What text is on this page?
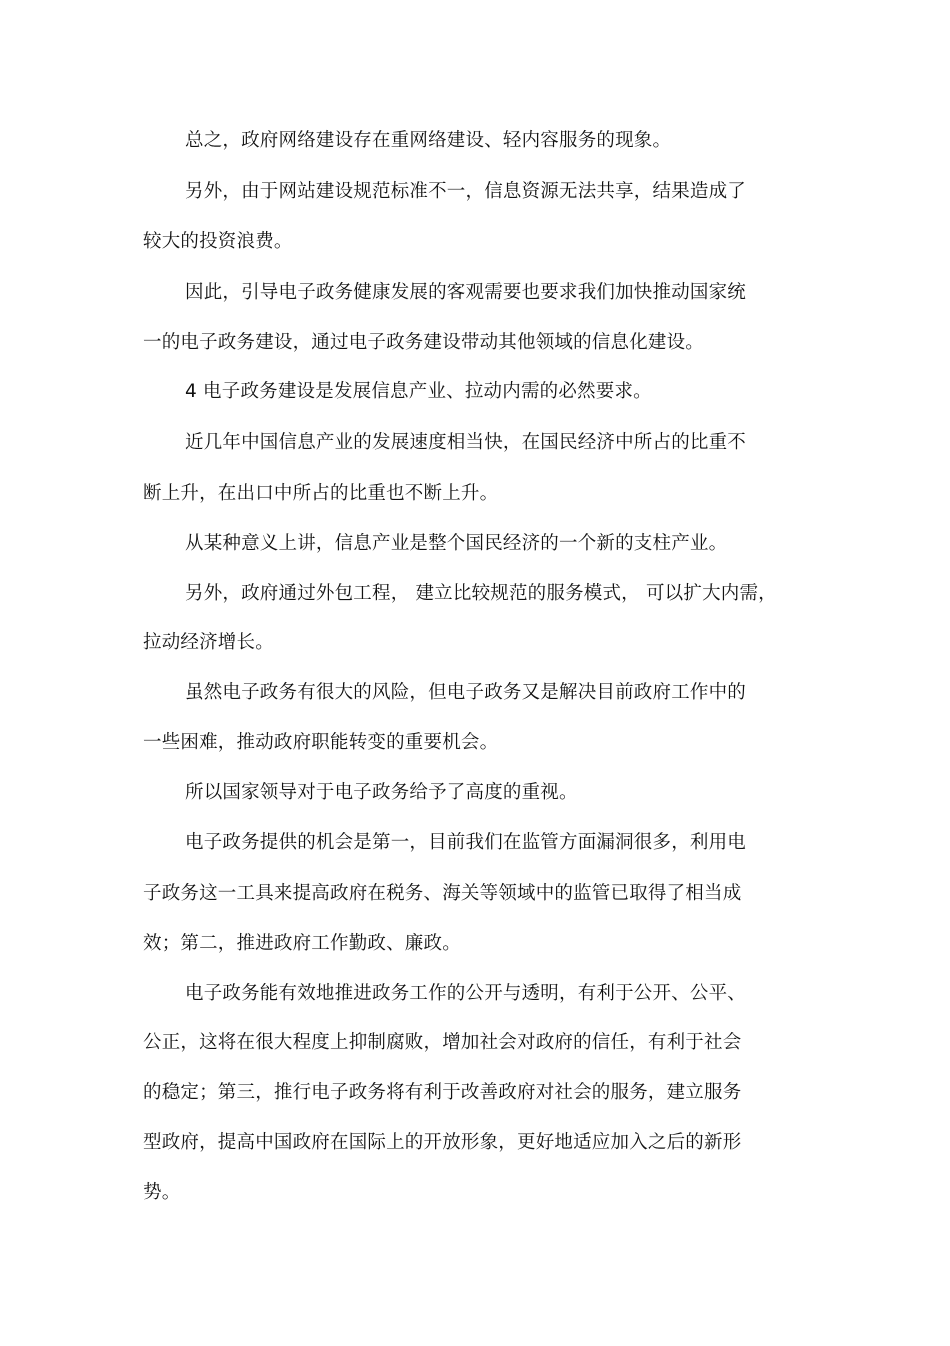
总之，政府网络建设存在重网络建设、轻内容服务的现象。
另外，由于网站建设规范标准不一，信息资源无法共享，结果造成了
较大的投资浪费。
因此，引导电子政务健康发展的客观需要也要求我们加快推动国家统
一的电子政务建设，通过电子政务建设带动其他领域的信息化建设。
4 电子政务建设是发展信息产业、拉动内需的必然要求。
近几年中国信息产业的发展速度相当快，在国民经济中所占的比重不
断上升，在出口中所占的比重也不断上升。
从某种意义上讲，信息产业是整个国民经济的一个新的支柱产业。
另外，政府通过外包工程， 建立比较规范的服务模式， 可以扩大内需，
拉动经济增长。
虽然电子政务有很大的风险，但电子政务又是解决目前政府工作中的
一些困难，推动政府职能转变的重要机会。
所以国家领导对于电子政务给予了高度的重视。
电子政务提供的机会是第一，目前我们在监管方面漏洞很多，利用电
子政务这一工具来提高政府在税务、海关等领域中的监管已取得了相当成
效；第二，推进政府工作勤政、廉政。
电子政务能有效地推进政务工作的公开与透明，有利于公开、公平、
公正，这将在很大程度上抑制腐败，增加社会对政府的信任，有利于社会
的稳定；第三，推行电子政务将有利于改善政府对社会的服务，建立服务
型政府，提高中国政府在国际上的开放形象，更好地适应加入之后的新形
势。
